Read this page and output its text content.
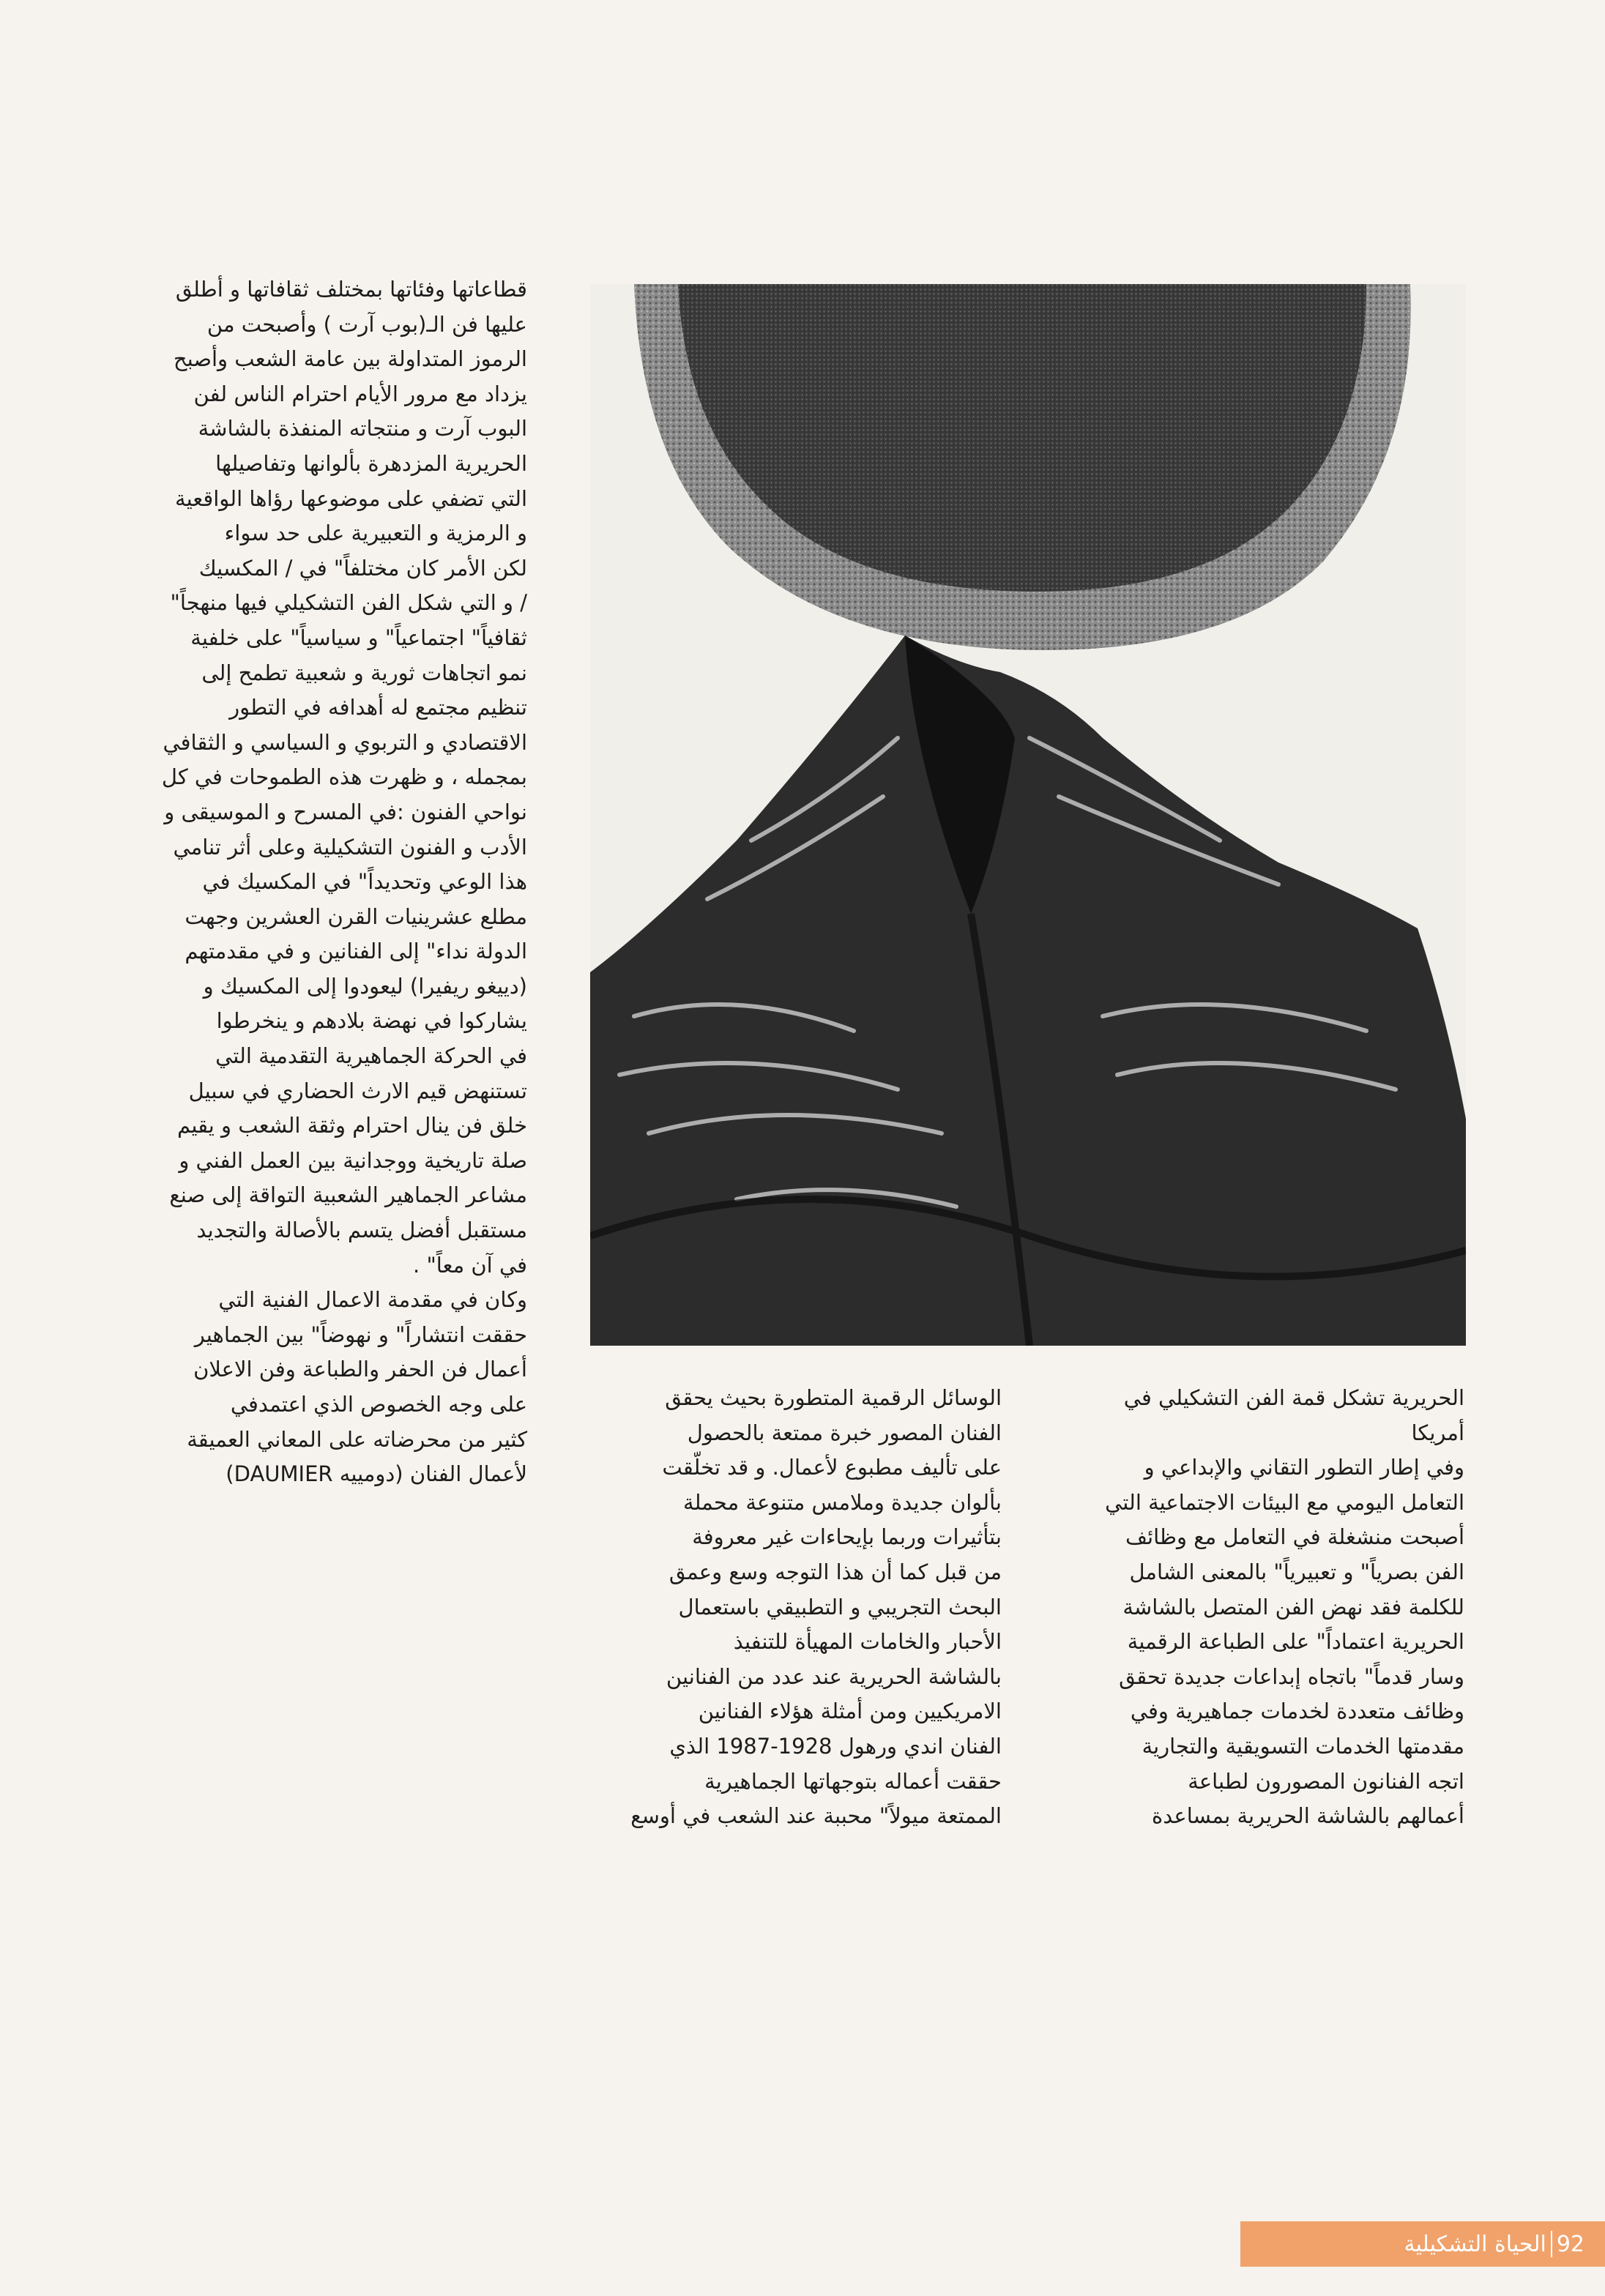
قطاعاتها وفئاتها بمختلف ثقافاتها و أطلق
عليها فن الـ(بوب آرت ) وأصبحت من
الرموز المتداولة بين عامة الشعب وأصبح
يزداد مع مرور الأيام احترام الناس لفن
البوب آرت و منتجاته المنفذة بالشاشة
الحريرية المزدهرة بألوانها وتفاصيلها
التي تضفي على موضوعها رؤاها الواقعية
و الرمزية و التعبيرية على حد سواء

لكن الأمر كان مختلفاً" في / المكسيك
/ و التي شكل الفن التشكيلي فيها منهجاً"
ثقافياً" اجتماعياً" و سياسياً" على خلفية
نمو اتجاهات ثورية و شعبية تطمح إلى
تنظيم مجتمع له أهدافه في التطور
الاقتصادي و التربوي و السياسي و الثقافي
بمجمله ، و ظهرت هذه الطموحات في كل
نواحي الفنون :في المسرح و الموسيقى و
الأدب و الفنون التشكيلية وعلى أثر تنامي
هذا الوعي وتحديداً" في المكسيك في
مطلع عشرينيات القرن العشرين وجهت
الدولة نداء" إلى الفنانين و في مقدمتهم
(دييغو ريفيرا) ليعودوا إلى المكسيك و
يشاركوا في نهضة بلادهم و ينخرطوا
في الحركة الجماهيرية التقدمية التي
تستنهض قيم الارث الحضاري في سبيل
خلق فن ينال احترام وثقة الشعب و يقيم
صلة تاريخية ووجدانية بين العمل الفني و
مشاعر الجماهير الشعبية التواقة إلى صنع
مستقبل أفضل يتسم بالأصالة والتجديد
في آن معاً" .

وكان في مقدمة الاعمال الفنية التي
حققت انتشاراً" و نهوضاً" بين الجماهير
أعمال فن الحفر والطباعة وفن الاعلان
على وجه الخصوص الذي اعتمدفي
كثير من محرضاته على المعاني العميقة
لأعمال الفنان (دومييه DAUMIER)

الوسائل الرقمية المتطورة بحيث يحقق
الفنان المصور خبرة ممتعة بالحصول
على تأليف مطبوع لأعمال. و قد تخلّقت
بألوان جديدة وملامس متنوعة محملة
بتأثيرات وربما بإيحاءات غير معروفة
من قبل كما أن هذا التوجه وسع وعمق
البحث التجريبي و التطبيقي باستعمال
الأحبار والخامات المهيأة للتنفيذ
بالشاشة الحريرية عند عدد من الفنانين
الامريكيين ومن أمثلة هؤلاء الفنانين
الفنان اندي ورهول 1928-1987 الذي
حققت أعماله بتوجهاتها الجماهيرية
الممتعة ميولاً" محببة عند الشعب في أوسع

الحريرية تشكل قمة الفن التشكيلي في
أمريكا

وفي إطار التطور التقاني والإبداعي و
التعامل اليومي مع البيئات الاجتماعية التي
أصبحت منشغلة في التعامل مع وظائف
الفن بصرياً" و تعبيرياً" بالمعنى الشامل
للكلمة فقد نهض الفن المتصل بالشاشة
الحريرية اعتماداً" على الطباعة الرقمية
وسار قدماً" باتجاه إبداعات جديدة تحقق
وظائف متعددة لخدمات جماهيرية وفي
مقدمتها الخدمات التسويقية والتجارية

اتجه الفنانون المصورون لطباعة
أعمالهم بالشاشة الحريرية بمساعدة

92
الحياة التشكيلية
